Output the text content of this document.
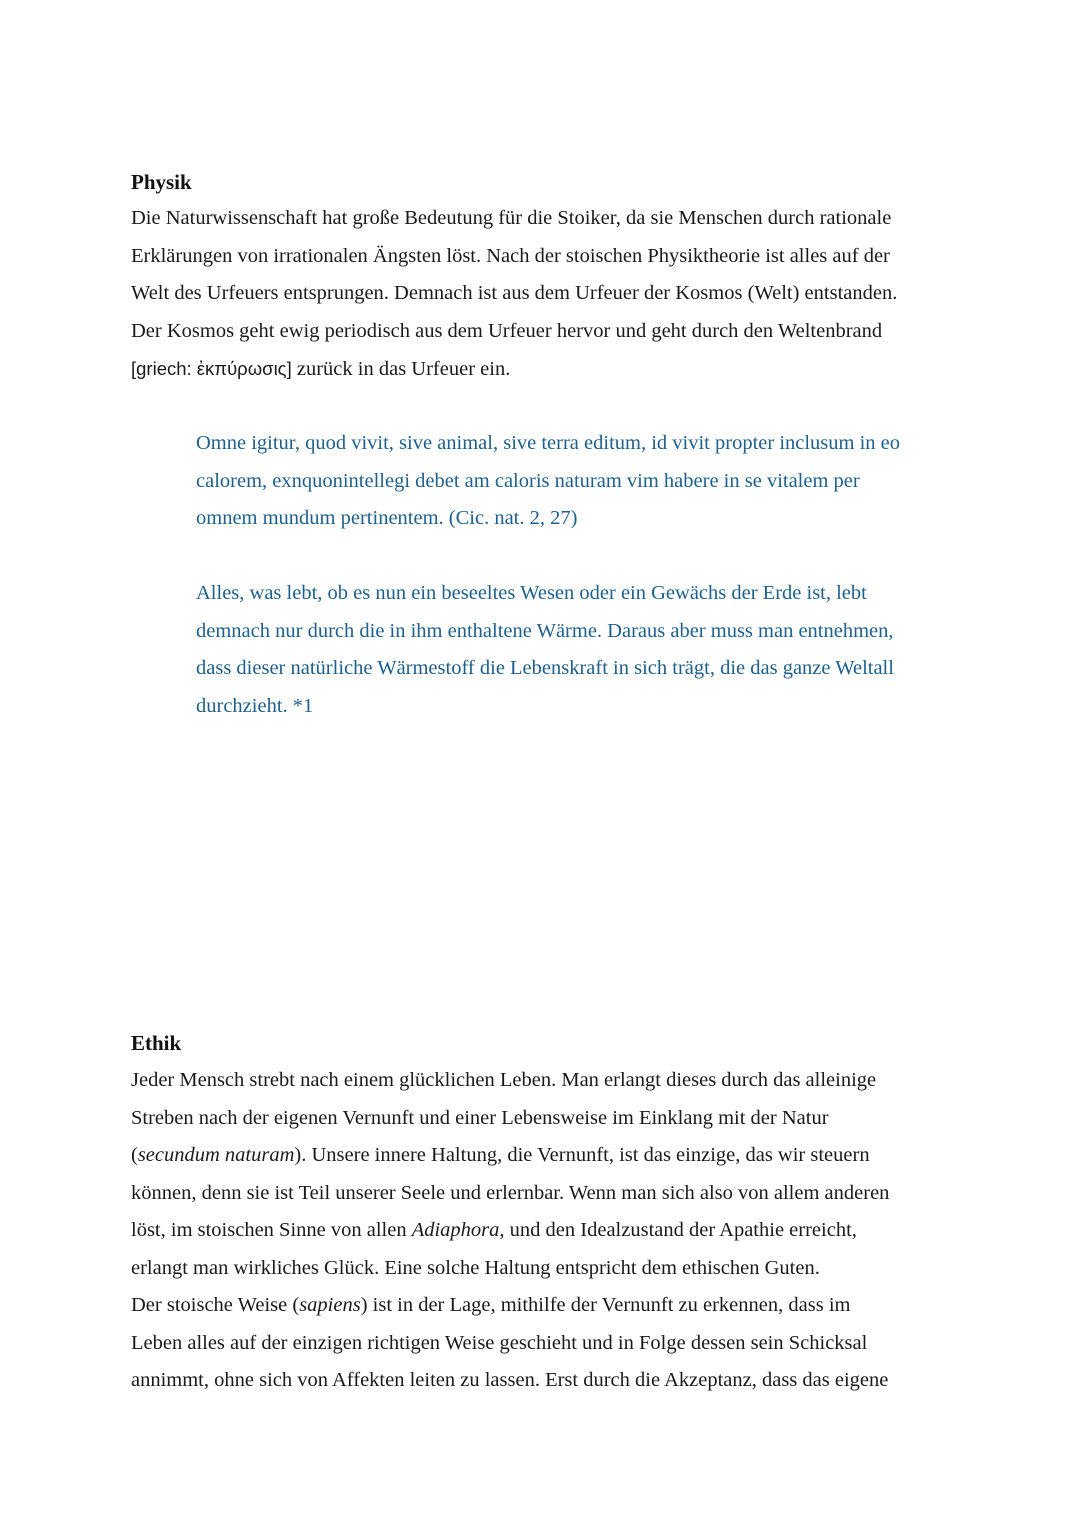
Physik
Die Naturwissenschaft hat große Bedeutung für die Stoiker, da sie Menschen durch rationale
Erklärungen von irrationalen Ängsten löst. Nach der stoischen Physiktheorie ist alles auf der
Welt des Urfeuers entsprungen. Demnach ist aus dem Urfeuer der Kosmos (Welt) entstanden.
Der Kosmos geht ewig periodisch aus dem Urfeuer hervor und geht durch den Weltenbrand
[griech: ἐκπύρωσις] zurück in das Urfeuer ein.
Omne igitur, quod vivit, sive animal, sive terra editum, id vivit propter inclusum in eo
calorem, exnquonintellegi debet am caloris naturam vim habere in se vitalem per
omnem mundum pertinentem. (Cic. nat. 2, 27)
Alles, was lebt, ob es nun ein beseeltes Wesen oder ein Gewächs der Erde ist, lebt
demnach nur durch die in ihm enthaltene Wärme. Daraus aber muss man entnehmen,
dass dieser natürliche Wärmestoff die Lebenskraft in sich trägt, die das ganze Weltall
durchzieht. *1
Ethik
Jeder Mensch strebt nach einem glücklichen Leben. Man erlangt dieses durch das alleinige
Streben nach der eigenen Vernunft und einer Lebensweise im Einklang mit der Natur
(secundum naturam). Unsere innere Haltung, die Vernunft, ist das einzige, das wir steuern
können, denn sie ist Teil unserer Seele und erlernbar. Wenn man sich also von allem anderen
löst, im stoischen Sinne von allen Adiaphora, und den Idealzustand der Apathie erreicht,
erlangt man wirkliches Glück. Eine solche Haltung entspricht dem ethischen Guten.
Der stoische Weise (sapiens) ist in der Lage, mithilfe der Vernunft zu erkennen, dass im
Leben alles auf der einzigen richtigen Weise geschieht und in Folge dessen sein Schicksal
annimmt, ohne sich von Affekten leiten zu lassen. Erst durch die Akzeptanz, dass das eigene
